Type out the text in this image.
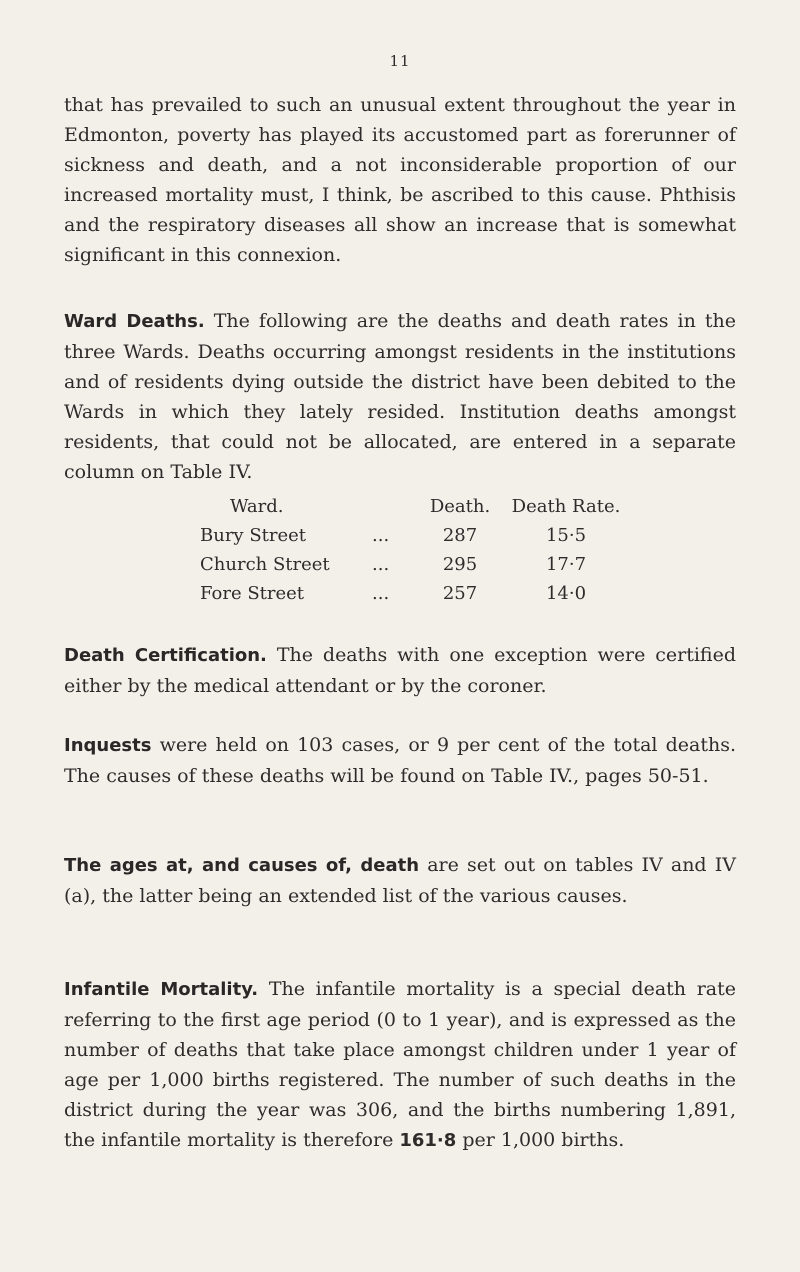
11

that has prevailed to such an unusual extent throughout the year in Edmonton, poverty has played its accustomed part as forerunner of sickness and death, and a not inconsiderable proportion of our increased mortality must, I think, be ascribed to this cause. Phthisis and the respiratory diseases all show an increase that is somewhat significant in this connexion.

Ward Deaths. The following are the deaths and death rates in the three Wards. Deaths occurring amongst residents in the institutions and of residents dying outside the district have been debited to the Wards in which they lately resided. Institution deaths amongst residents, that could not be allocated, are entered in a separate column on Table IV.

Ward.	Death.	Death Rate.
Bury Street	...	287	15·5
Church Street ...	295	17·7
Fore Street	...	257	14·0

Death Certification. The deaths with one exception were certified either by the medical attendant or by the coroner.

Inquests were held on 103 cases, or 9 per cent of the total deaths. The causes of these deaths will be found on Table IV., pages 50-51.

The ages at, and causes of, death are set out on tables IV and IV (a), the latter being an extended list of the various causes.

Infantile Mortality. The infantile mortality is a special death rate referring to the first age period (0 to 1 year), and is expressed as the number of deaths that take place amongst children under 1 year of age per 1,000 births registered. The number of such deaths in the district during the year was 306, and the births numbering 1,891, the infantile mortality is therefore 161·8 per 1,000 births.
